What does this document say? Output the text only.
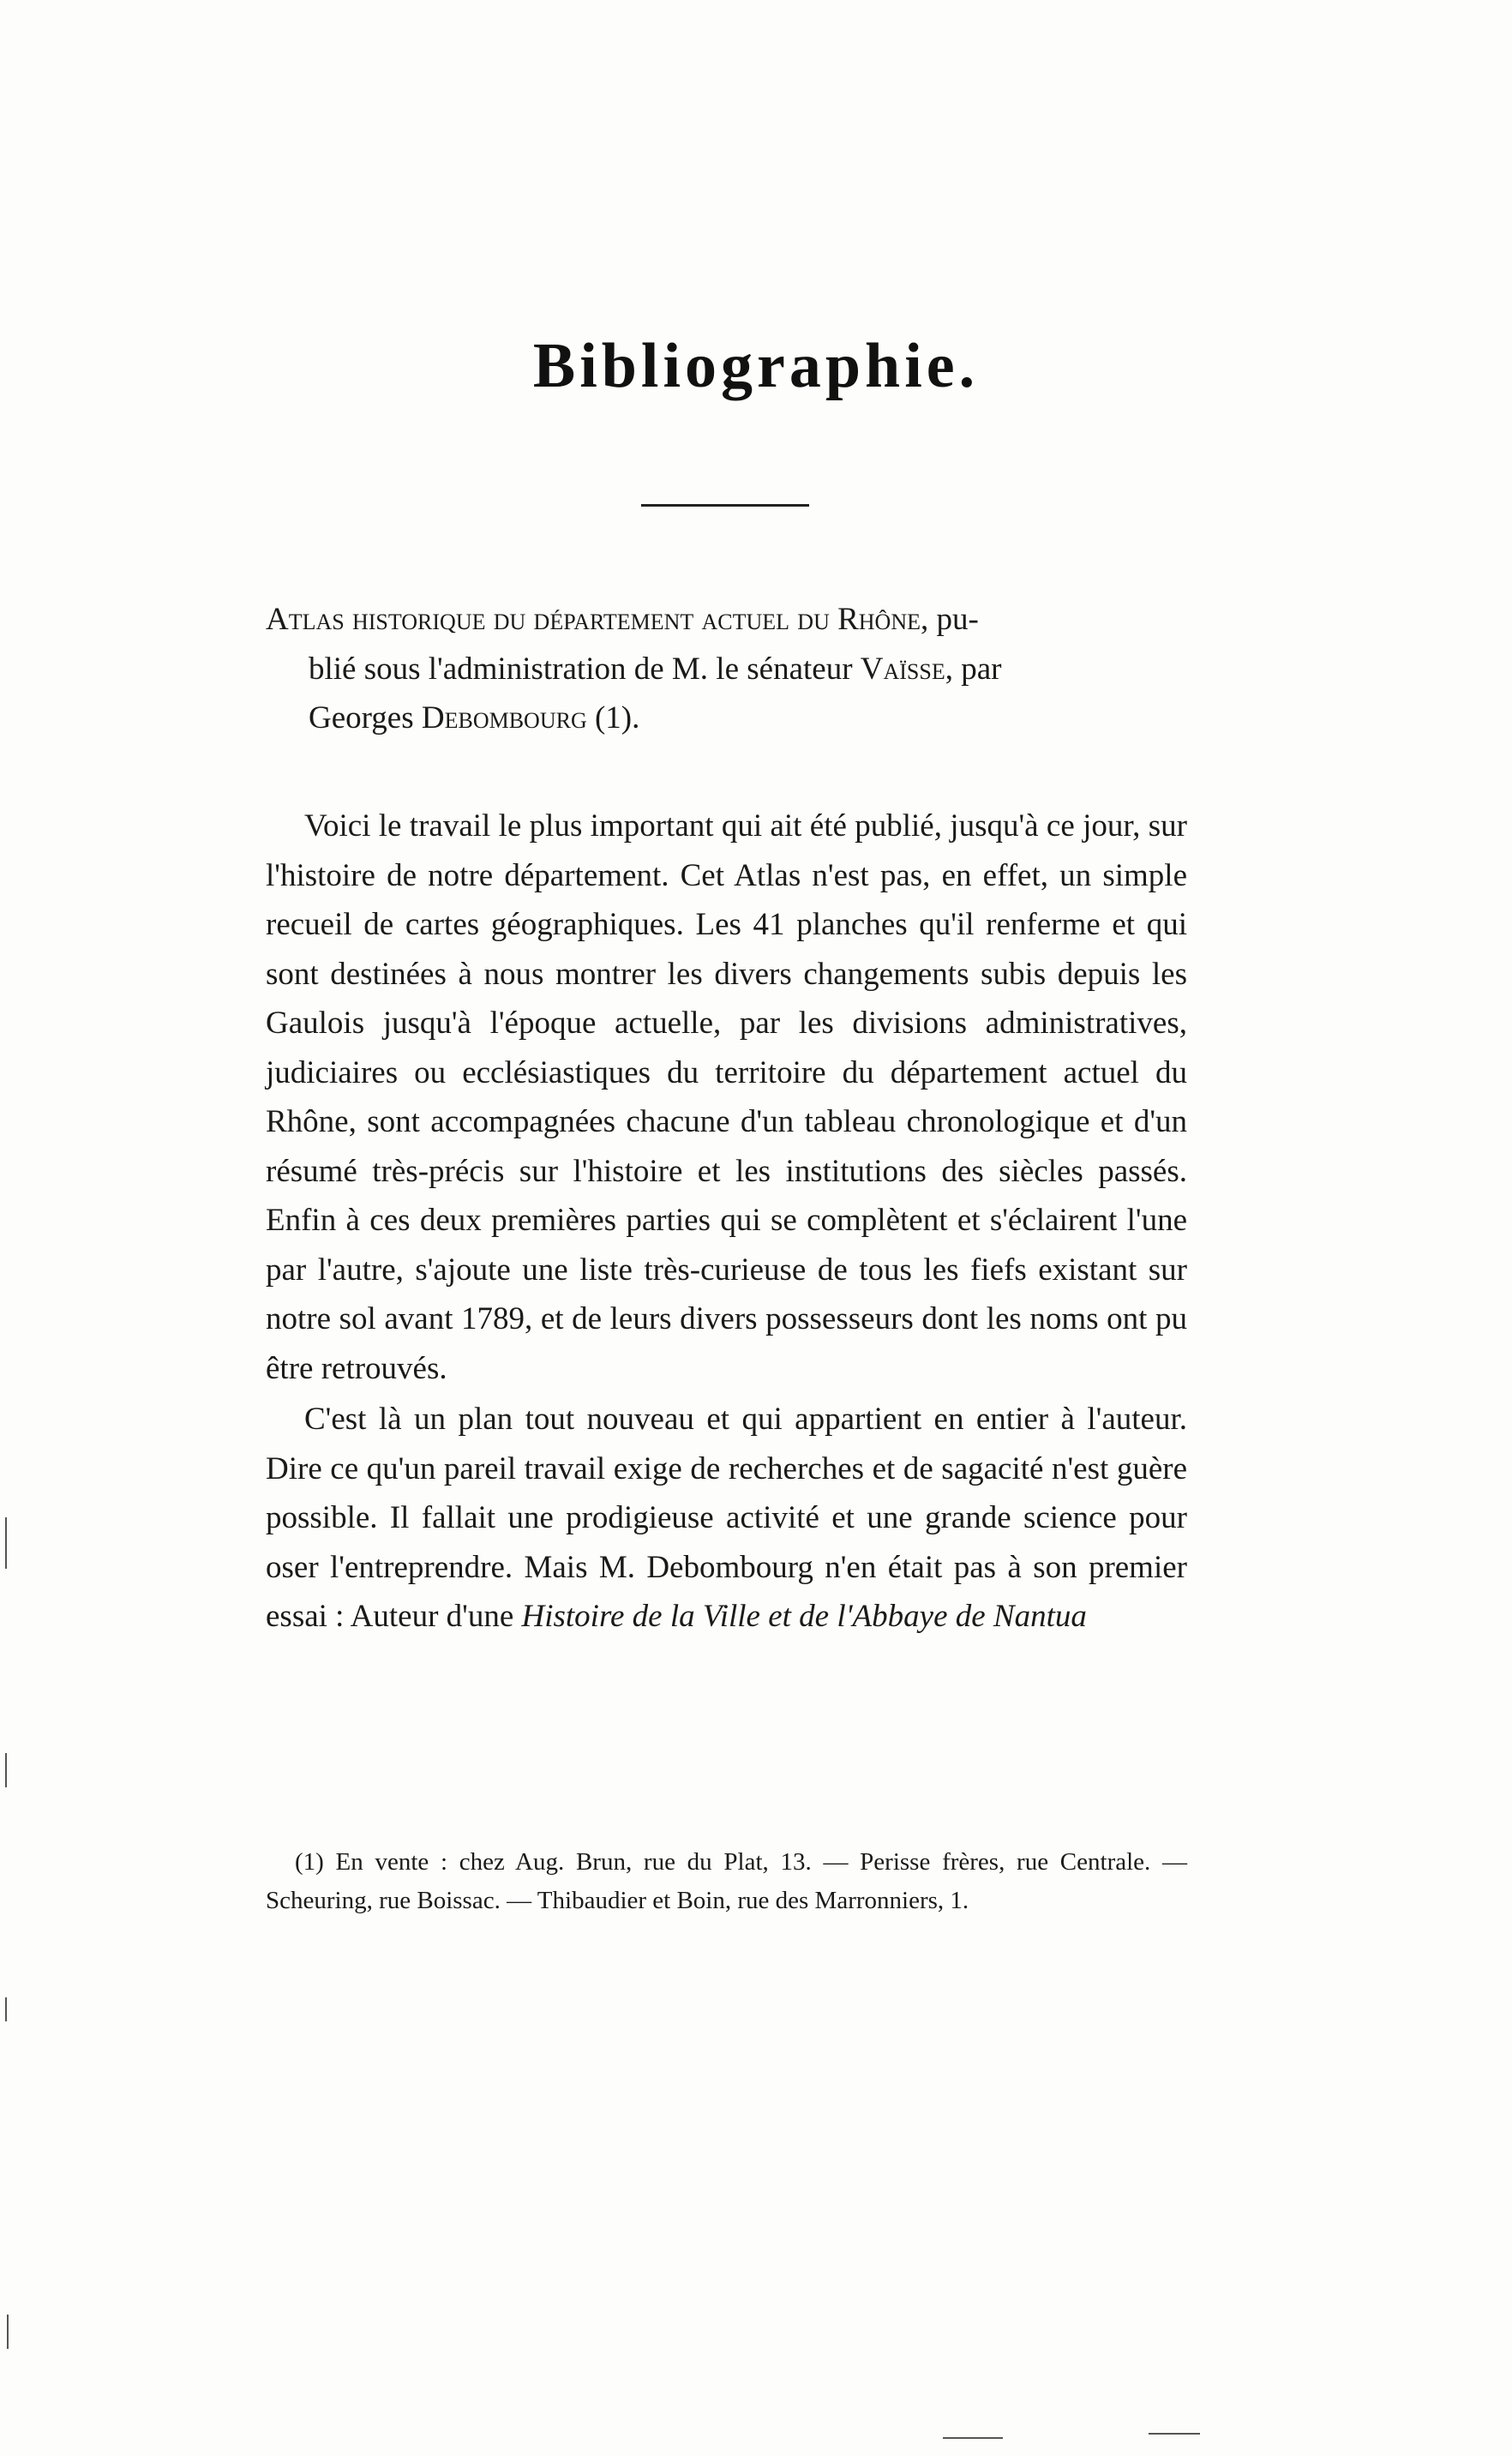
Bibliographie.
Atlas historique du département actuel du Rhône, pu-
blié sous l'administration de M. le sénateur Vaïsse, par
Georges Debombourg (1).

Voici le travail le plus important qui ait été publié, jusqu'à ce jour, sur l'histoire de notre département. Cet Atlas n'est pas, en effet, un simple recueil de cartes géographiques. Les 41 planches qu'il renferme et qui sont destinées à nous montrer les divers changements subis depuis les Gaulois jusqu'à l'époque actuelle, par les divisions administratives, judiciaires ou ecclésiastiques du territoire du département actuel du Rhône, sont accompagnées chacune d'un tableau chronologique et d'un résumé très-précis sur l'histoire et les institutions des siècles passés. Enfin à ces deux premières parties qui se complètent et s'éclairent l'une par l'autre, s'ajoute une liste très-curieuse de tous les fiefs existant sur notre sol avant 1789, et de leurs divers possesseurs dont les noms ont pu être retrouvés.

C'est là un plan tout nouveau et qui appartient en entier à l'auteur. Dire ce qu'un pareil travail exige de recherches et de sagacité n'est guère possible. Il fallait une prodigieuse activité et une grande science pour oser l'entreprendre. Mais M. Debombourg n'en était pas à son premier essai : Auteur d'une Histoire de la Ville et de l'Abbaye de Nantua

(1) En vente : chez Aug. Brun, rue du Plat, 13. — Perisse frères, rue Centrale. — Scheuring, rue Boissac. — Thibaudier et Boin, rue des Marronniers, 1.
